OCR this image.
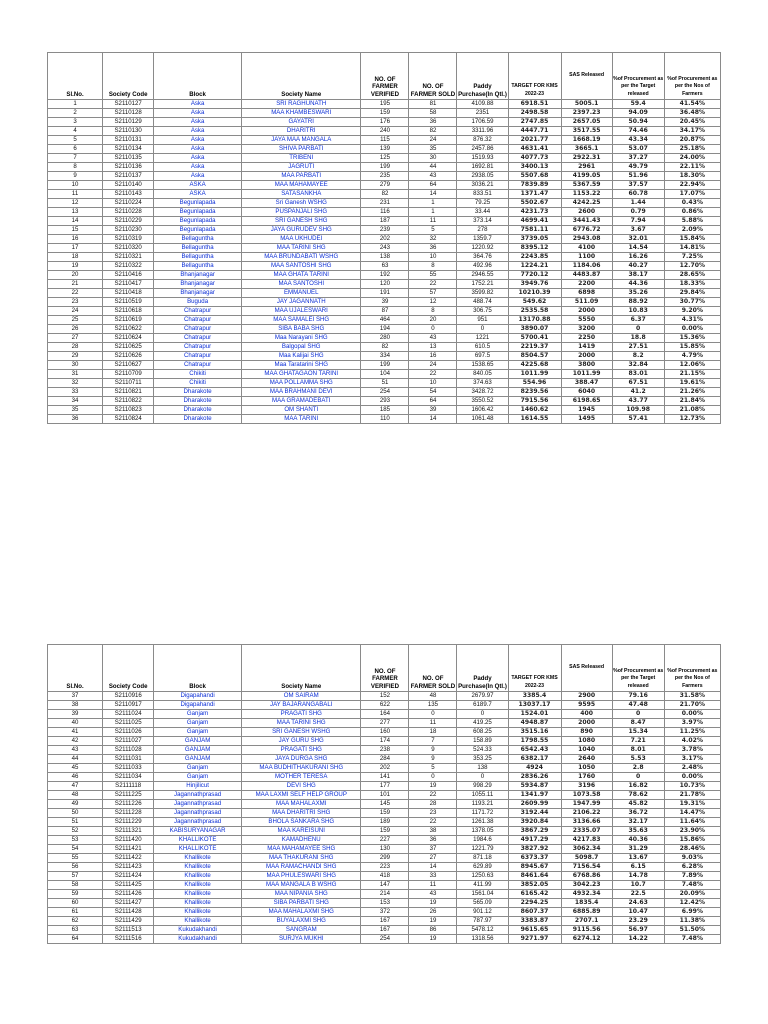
Sl.No.	Society Code	Block	Society Name	NO. OF FARMER VERIFIED	NO. OF FARMER SOLD	Paddy Purchase(In Qtl.)	TARGET FOR KMS 2022-23	SAS Released	%of Procurement as per the Target released	%of Procurement as per the Nos of Farmers
1	S2110127	Aska	SRI RAGHUNATH	195	81	4109.88	6918.51	5005.1	59.4	41.54%
2	S2110128	Aska	MAA KHAMBESWARI	159	58	2351	2498.58	2397.23	94.09	36.48%
3	S2110129	Aska	GAYATRI	176	36	1706.59	2747.85	2657.05	50.94	20.45%
4	S2110130	Aska	DHARITRI	240	82	3311.96	4447.71	3517.55	74.46	34.17%
5	S2110131	Aska	JAYA MAA MANGALA	115	24	876.32	2021.77	1668.19	43.34	20.87%
6	S2110134	Aska	SHIVA PARBATI	139	35	2457.86	4631.41	3665.1	53.07	25.18%
7	S2110135	Aska	TRIBENI	125	30	1519.93	4077.73	2922.31	37.27	24.00%
8	S2110136	Aska	JAGRUTI	199	44	1692.81	3400.13	2961	49.79	22.11%
9	S2110137	Aska	MAA PARBATI	235	43	2938.05	5507.68	4199.05	51.96	18.30%
10	S2110140	ASKA	MAA MAHAMAYEE	279	64	3036.21	7839.89	5367.59	37.57	22.94%
11	S2110143	ASKA	SATASANKHA	82	14	833.51	1371.47	1153.22	60.78	17.07%
12	S2110224	Begunlapada	Sri Ganesh WSHG	231	1	79.25	5502.67	4242.25	1.44	0.43%
13	S2110228	Begunlapada	PUSPANJALI SHG	116	1	33.44	4231.73	2600	0.79	0.86%
14	S2110229	Begunlapada	SRI GANESH SHG	187	11	373.14	4699.41	3441.43	7.94	5.88%
15	S2110230	Begunlapada	JAYA GURUDEV SHG	239	5	278	7581.11	6776.72	3.67	2.09%
16	S2110319	Bellaguntha	MAA UKHUDEI	202	32	1359.7	3739.05	2943.08	32.01	15.84%
17	S2110320	Bellaguntha	MAA TARINI SHG	243	36	1220.92	8395.12	4100	14.54	14.81%
18	S2110321	Bellaguntha	MAA BRUNDABATI WSHG	138	10	364.76	2243.85	1100	16.26	7.25%
19	S2110322	Bellaguntha	MAA SANTOSHI SHG	63	8	492.96	1224.21	1184.06	40.27	12.70%
20	S2110416	Bhanjanagar	MAA GHATA TARINI	192	55	2946.55	7720.12	4483.87	38.17	28.65%
21	S2110417	Bhanjanagar	MAA SANTOSHI	120	22	1752.21	3949.76	2200	44.36	18.33%
22	S2110418	Bhanjanagar	EMMANUEL	191	57	3599.82	10210.39	6898	35.26	29.84%
23	S2110519	Buguda	JAY JAGANNATH	39	12	488.74	549.62	511.09	88.92	30.77%
24	S2110618	Chatrapur	MAA UJALESWARI	87	8	306.75	2535.58	2000	10.83	9.20%
25	S2110619	Chatrapur	MAA SAMALEI SHG	464	20	951	13170.88	5550	6.37	4.31%
26	S2110622	Chatrapur	SIBA BABA SHG	194	0	0	3890.07	3200	0	0.00%
27	S2110624	Chatrapur	Maa Narayani SHG	280	43	1221	5700.41	2250	18.8	15.36%
28	S2110625	Chatrapur	Balgopal SHG	82	13	610.5	2219.37	1419	27.51	15.85%
29	S2110626	Chatrapur	Maa Kalijai SHG	334	16	697.5	8504.57	2000	8.2	4.79%
30	S2110627	Chatrapur	Maa Taratarini SHG	199	24	1538.65	4225.68	3800	32.84	12.06%
31	S2110709	Chikiti	MAA GHATAGAON TARINI	104	22	840.05	1011.99	1011.99	83.01	21.15%
32	S2110711	Chikiti	MAA POLLAMMA SHG	51	10	374.63	554.96	388.47	67.51	19.61%
33	S2110821	Dharakote	MAA BRAHMANI DEVI	254	54	3428.72	8239.56	6040	41.2	21.26%
34	S2110822	Dharakote	MAA GRAMADEBATI	293	64	3550.52	7915.56	6198.65	43.77	21.84%
35	S2110823	Dharakote	OM SHANTI	185	39	1606.42	1460.62	1945	109.98	21.08%
36	S2110824	Dharakote	MAA TARINI	110	14	1061.48	1614.55	1495	57.41	12.73%
Sl.No.	Society Code	Block	Society Name	NO. OF FARMER VERIFIED	NO. OF FARMER SOLD	Paddy Purchase(In Qtl.)	TARGET FOR KMS 2022-23	SAS Released	%of Procurement as per the Target released	%of Procurement as per the Nos of Farmers
37	S2110916	Digapahandi	OM SAIRAM	152	48	2679.97	3385.4	2900	79.16	31.58%
38	S2110917	Digapahandi	JAY BAJARANGABALI	622	135	6189.7	13037.17	9595	47.48	21.70%
39	S2111024	Ganjam	PRAGATI SHG	164	0	0	1524.01	400	0	0.00%
40	S2111025	Ganjam	MAA TARINI SHG	277	11	419.25	4948.87	2000	8.47	3.97%
41	S2111026	Ganjam	SRI GANESH WSHG	160	18	608.25	3515.16	890	15.34	11.25%
42	S2111027	GANJAM	JAY GURU SHG	174	7	158.89	1798.55	1080	7.21	4.02%
43	S2111028	GANJAM	PRAGATI SHG	238	9	524.33	6542.43	1040	8.01	3.78%
44	S2111031	GANJAM	JAYA DURGA SHG	284	9	353.25	6382.17	2640	5.53	3.17%
45	S2111033	Ganjam	MAA BUDHITHAKURANI SHG	202	5	138	4924	1050	2.8	2.48%
46	S2111034	Ganjam	MOTHER TERESA	141	0	0	2836.26	1760	0	0.00%
47	S2111118	Hinjilicut	DEVI SHG	177	19	998.29	5934.87	3196	16.82	10.73%
48	S2111225	Jagannathprasad	MAA LAXMI SELF HELP GROUP	101	22	1055.11	1341.97	1073.58	78.62	21.78%
49	S2111226	Jagannathprasad	MAA MAHALAXMI	145	28	1193.21	2609.99	1947.99	45.82	19.31%
50	S2111228	Jagannathprasad	MAA DHARITRI SHG	159	23	1171.72	3192.44	2106.22	36.72	14.47%
51	S2111229	Jagannathprasad	BHOLA SANKARA SHG	189	22	1261.38	3920.84	3136.66	32.17	11.64%
52	S2111321	KABISURYANAGAR	MAA KAREISUNI	159	38	1378.05	3867.29	2335.07	35.63	23.90%
53	S2111420	KHALLIKOTE	KAMADHENU	227	36	1984.6	4917.29	4217.83	40.36	15.86%
54	S2111421	KHALLIKOTE	MAA MAHAMAYEE SHG	130	37	1221.79	3827.92	3062.34	31.29	28.46%
55	S2111422	Khallikote	MAA THAKURANI SHG	299	27	871.18	6373.37	5098.7	13.67	9.03%
56	S2111423	Khallikote	MAA RAMACHANDI SHG	223	14	629.89	8945.67	7156.54	6.15	6.28%
57	S2111424	Khallikote	MAA PHULESWARI SHG	418	33	1250.63	8461.64	6768.86	14.78	7.89%
58	S2111425	Khallikote	MAA MANGALA B WSHG	147	11	411.99	3852.05	3042.23	10.7	7.48%
59	S2111426	Khallikote	MAA NIPANIA SHG	214	43	1561.04	6165.42	4932.34	22.5	20.09%
60	S2111427	Khallikote	SIBA PARBATI SHG	153	19	565.09	2294.25	1835.4	24.63	12.42%
61	S2111428	Khallikote	MAA MAHALAXMI SHG	372	26	901.12	8607.37	6885.89	10.47	6.99%
62	S2111429	Khallikote	BUYALAXMI SHG	167	19	787.97	3383.87	2707.1	23.29	11.38%
63	S2111513	Kukudakhandi	SANGRAM	167	86	5478.12	9615.65	9115.56	56.97	51.50%
64	S2111516	Kukudakhandi	SURJYA MUKHI	254	19	1318.56	9271.97	6274.12	14.22	7.48%
